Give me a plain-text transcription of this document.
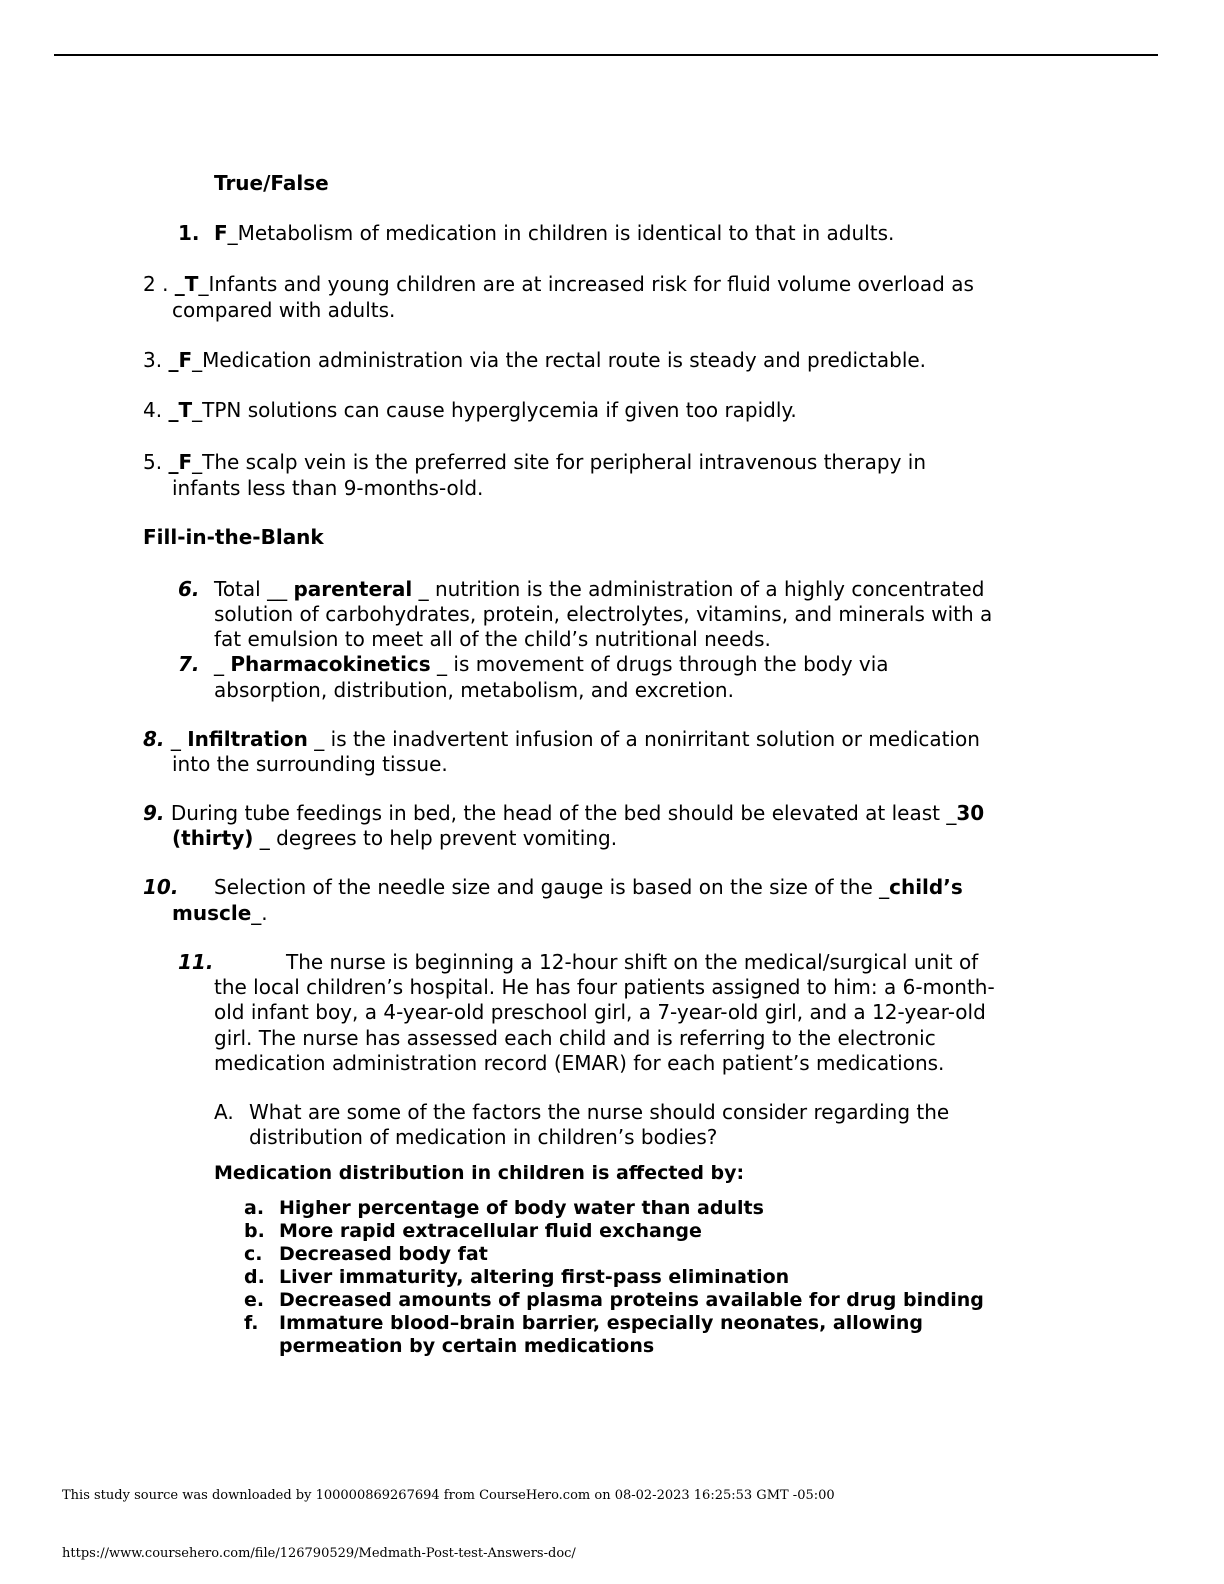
True/False
1. F_Metabolism of medication in children is identical to that in adults.
2 . _T_Infants and young children are at increased risk for fluid volume overload as
compared with adults.
3. _F_Medication administration via the rectal route is steady and predictable.
4. _T_TPN solutions can cause hyperglycemia if given too rapidly.
5. _F_The scalp vein is the preferred site for peripheral intravenous therapy in
infants less than 9-months-old.
Fill-in-the-Blank
6. Total __ parenteral _ nutrition is the administration of a highly concentrated
solution of carbohydrates, protein, electrolytes, vitamins, and minerals with a
fat emulsion to meet all of the child’s nutritional needs.
7. _ Pharmacokinetics _ is movement of drugs through the body via
absorption, distribution, metabolism, and excretion.
8. _ Infiltration _ is the inadvertent infusion of a nonirritant solution or medication
into the surrounding tissue.
9. During tube feedings in bed, the head of the bed should be elevated at least _30
(thirty) _ degrees to help prevent vomiting.
10. Selection of the needle size and gauge is based on the size of the _child’s
muscle_.
11.	The nurse is beginning a 12-hour shift on the medical/surgical unit of
the local children’s hospital. He has four patients assigned to him: a 6-month-
old infant boy, a 4-year-old preschool girl, a 7-year-old girl, and a 12-year-old
girl. The nurse has assessed each child and is referring to the electronic
medication administration record (EMAR) for each patient’s medications.
A. What are some of the factors the nurse should consider regarding the
distribution of medication in children’s bodies?
Medication distribution in children is affected by:
a. Higher percentage of body water than adults
b. More rapid extracellular fluid exchange
c. Decreased body fat
d. Liver immaturity, altering first-pass elimination
e. Decreased amounts of plasma proteins available for drug binding
f. Immature blood–brain barrier, especially neonates, allowing
permeation by certain medications
This study source was downloaded by 100000869267694 from CourseHero.com on 08-02-2023 16:25:53 GMT -05:00
https://www.coursehero.com/file/126790529/Medmath-Post-test-Answers-doc/
